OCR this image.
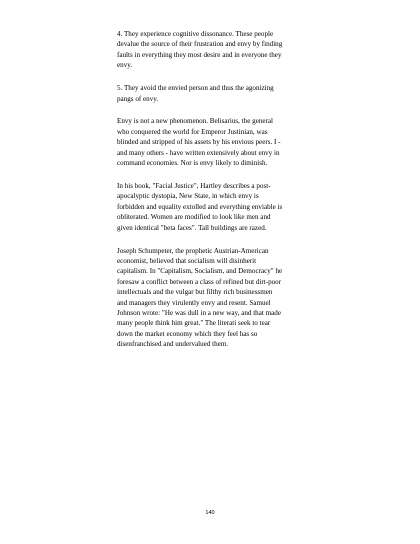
4. They experience cognitive dissonance. These people
devalue the source of their frustration and envy by finding
faults in everything they most desire and in everyone they
envy.

5. They avoid the envied person and thus the agonizing
pangs of envy.

Envy is not a new phenomenon. Belisarius, the general
who conquered the world for Emperor Justinian, was
blinded and stripped of his assets by his envious peers. I -
and many others - have written extensively about envy in
command economies. Nor is envy likely to diminish.

In his book, "Facial Justice", Hartley describes a post-
apocalyptic dystopia, New State, in which envy is
forbidden and equality extolled and everything enviable is
obliterated. Women are modified to look like men and
given identical "beta faces". Tall buildings are razed.

Joseph Schumpeter, the prophetic Austrian-American
economist, believed that socialism will disinherit
capitalism. In "Capitalism, Socialism, and Democracy" he
foresaw a conflict between a class of refined but dirt-poor
intellectuals and the vulgar but filthy rich businessmen
and managers they virulently envy and resent. Samuel
Johnson wrote: "He was dull in a new way, and that made
many people think him great." The literati seek to tear
down the market economy which they feel has so
disenfranchised and undervalued them.

140
